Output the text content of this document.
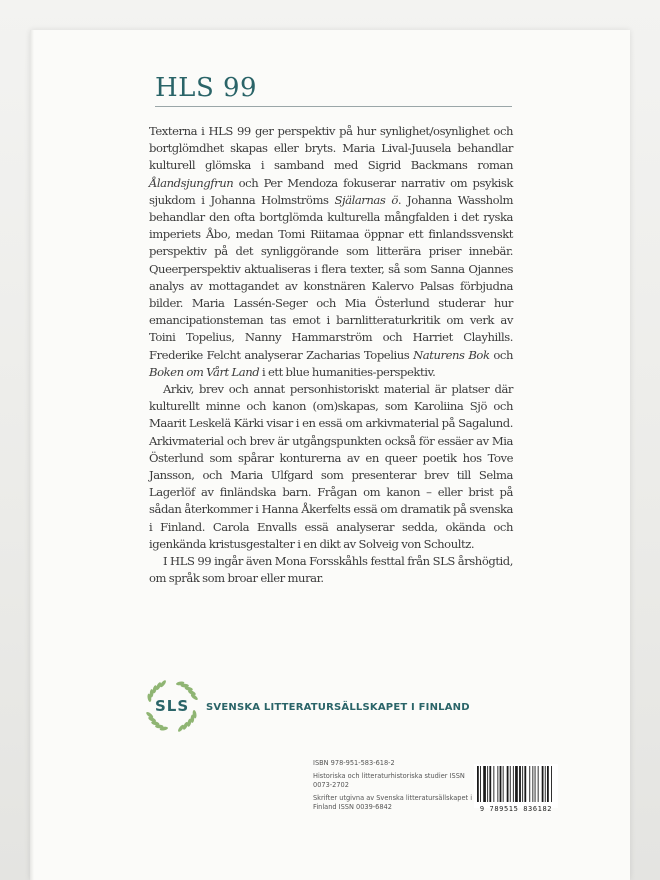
HLS 99

Texterna i HLS 99 ger perspektiv på hur synlighet/osynlighet och bortglömdhet skapas eller bryts. Maria Lival-Juusela behandlar kulturell glömska i samband med Sigrid Backmans roman Ålandsjungfrun och Per Mendoza fokuserar narrativ om psykisk sjukdom i Johanna Holmströms Själarnas ö. Johanna Wassholm behandlar den ofta bortglömda kulturella mångfalden i det ryska imperiets Åbo, medan Tomi Riitamaa öppnar ett finlandssvenskt perspektiv på det synliggörande som litterära priser innebär. Queerperspektiv aktualiseras i flera texter, så som Sanna Ojannes analys av mottagandet av konstnären Kalervo Palsas förbjudna bilder. Maria Lassén-Seger och Mia Österlund studerar hur emancipationsteman tas emot i barnlitteraturkritik om verk av Toini Topelius, Nanny Hammarström och Harriet Clayhills. Frederike Felcht analyserar Zacharias Topelius Naturens Bok och Boken om Vårt Land i ett blue humanities-perspektiv.

Arkiv, brev och annat personhistoriskt material är platser där kulturellt minne och kanon (om)skapas, som Karoliina Sjö och Maarit Leskelä Kärki visar i en essä om arkivmaterial på Sagalund. Arkivmaterial och brev är utgångspunkten också för essäer av Mia Österlund som spårar konturerna av en queer poetik hos Tove Jansson, och Maria Ulfgard som presenterar brev till Selma Lagerlöf av finländska barn. Frågan om kanon – eller brist på sådan återkommer i Hanna Åkerfelts essä om dramatik på svenska i Finland. Carola Envalls essä analyserar sedda, okända och igenkända kristusgestalter i en dikt av Solveig von Schoultz.

I HLS 99 ingår även Mona Forsskåhls festtal från SLS årshögtid, om språk som broar eller murar.

SLS SVENSKA LITTERATURSÄLLSKAPET I FINLAND
ISBN 978-951-583-618-2
Historiska och litteraturhistoriska studier ISSN 0073-2702
Skrifter utgivna av Svenska litteratursällskapet i Finland ISSN 0039-6842	9 789515 836182
